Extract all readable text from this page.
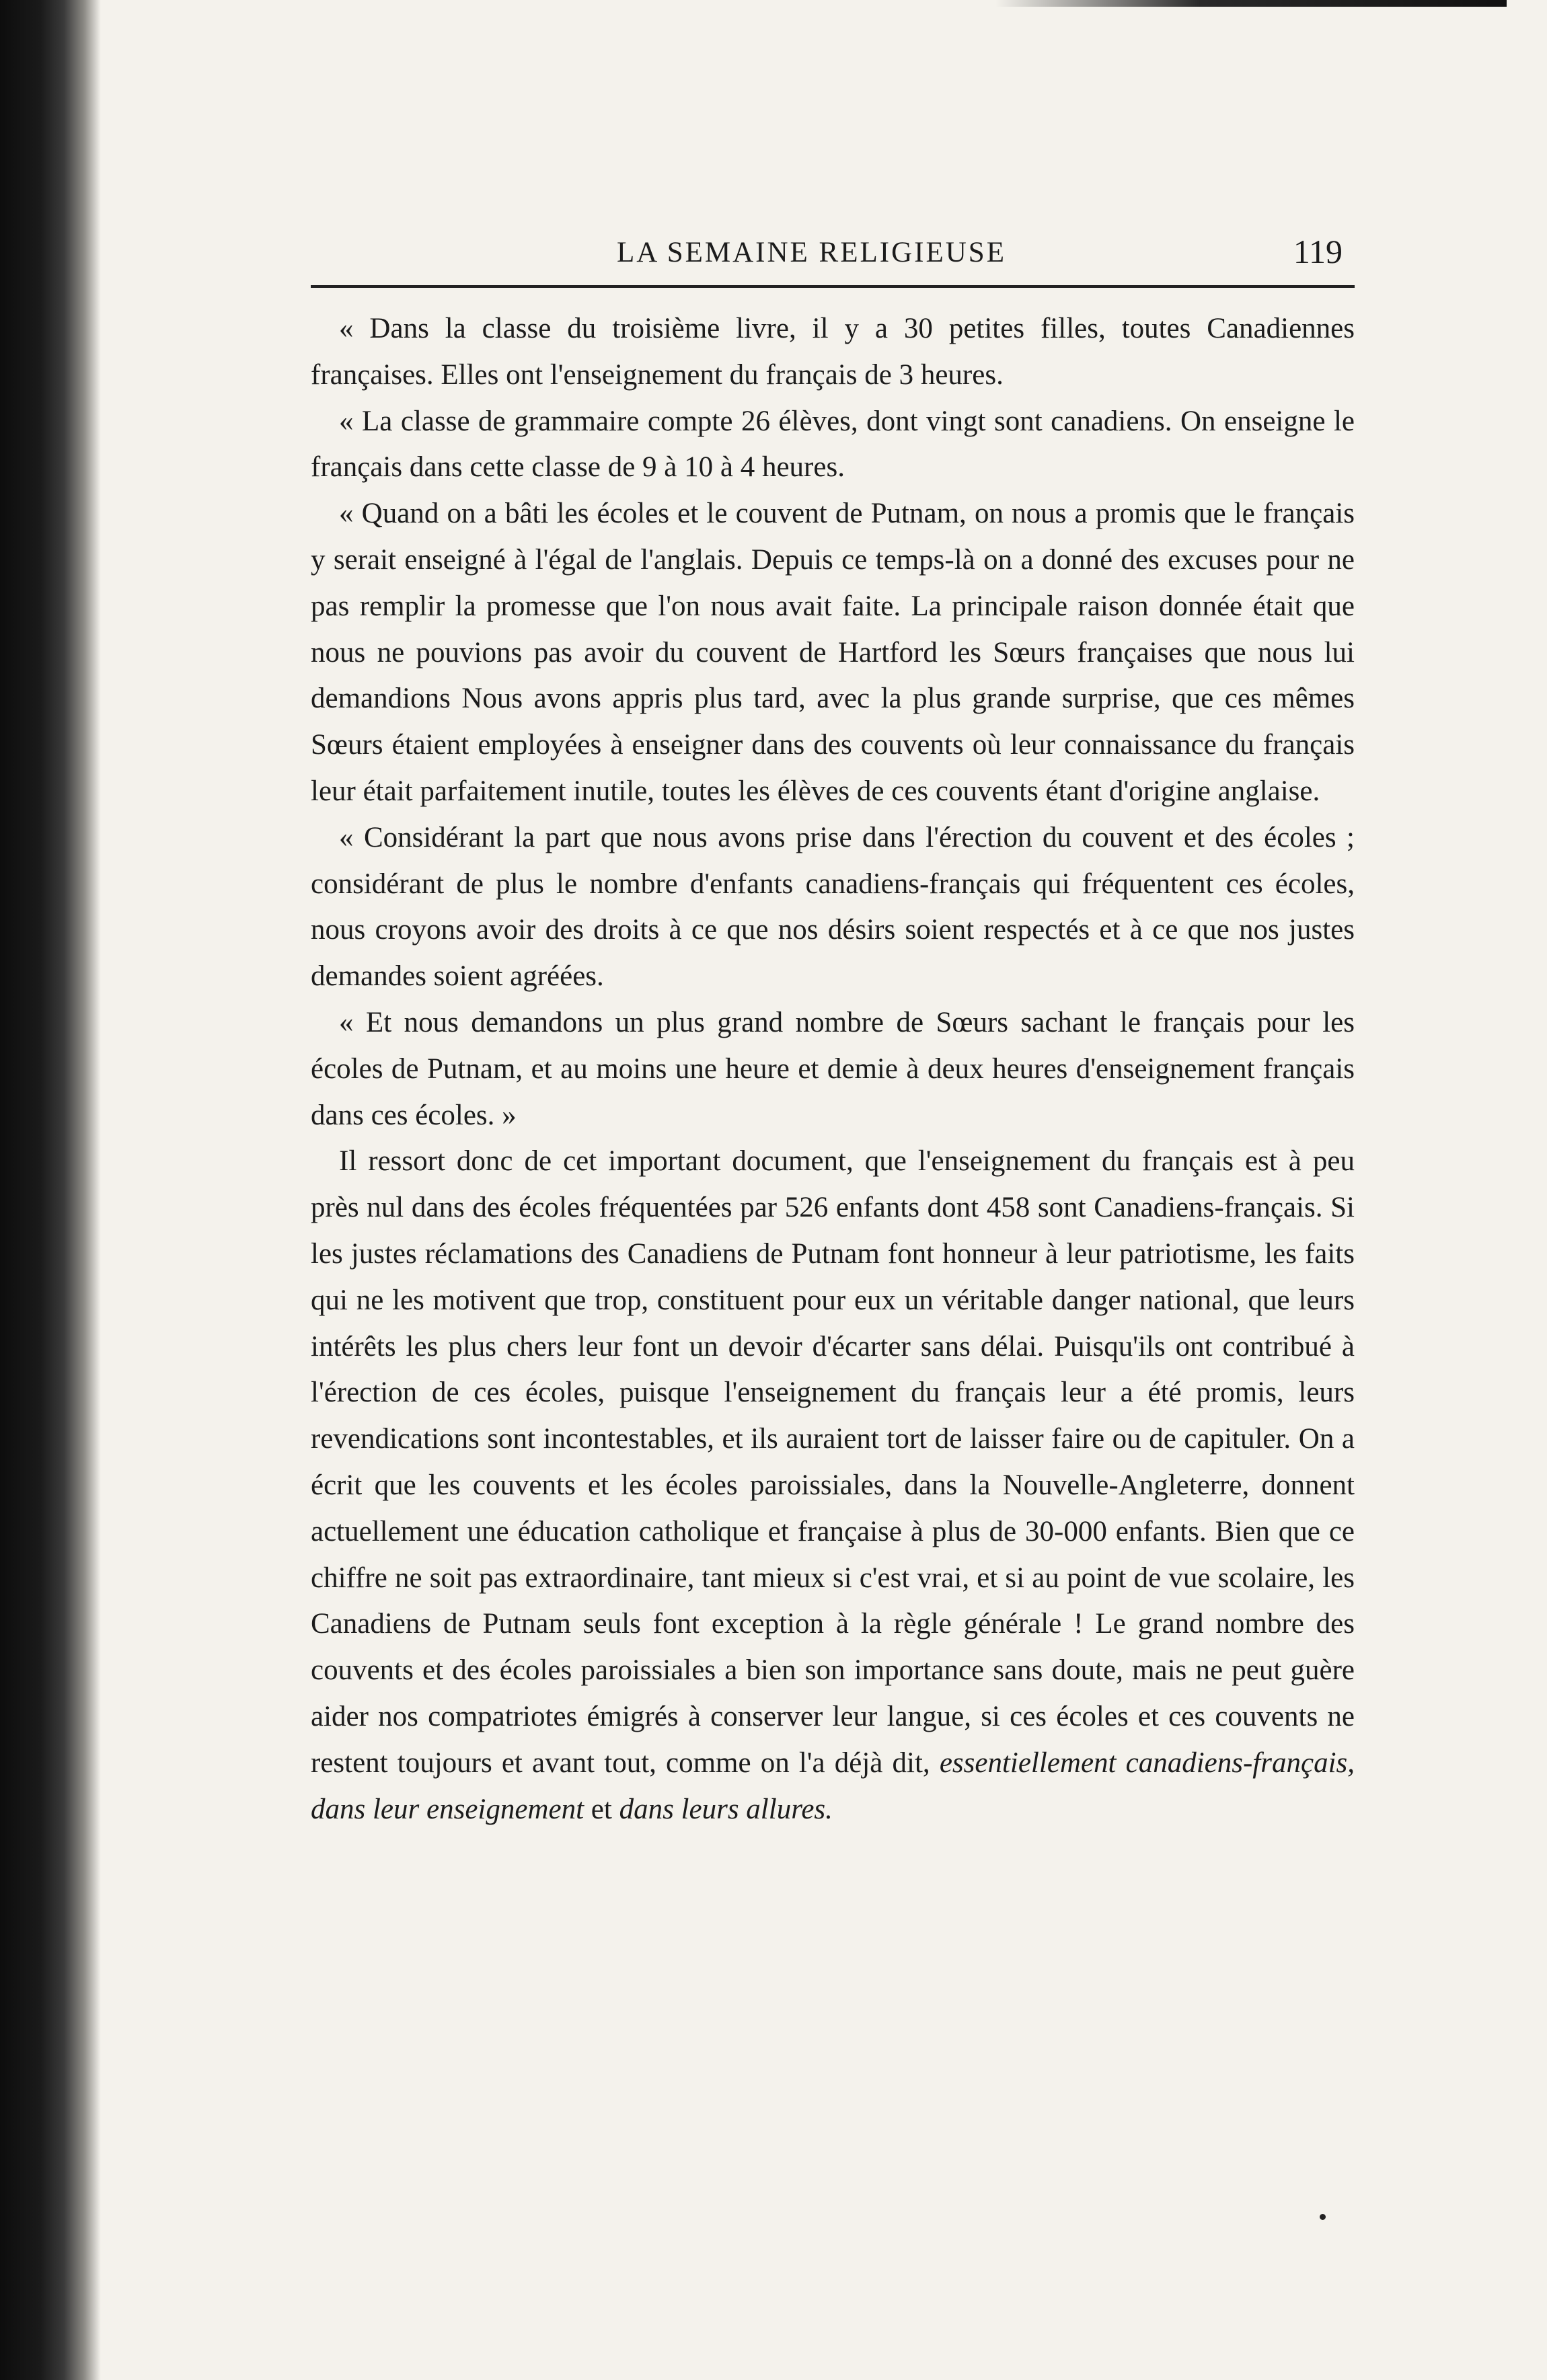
LA SEMAINE RELIGIEUSE	119

« Dans la classe du troisième livre, il y a 30 petites filles, toutes Canadiennes françaises. Elles ont l'enseignement du français de 3 heures.

« La classe de grammaire compte 26 élèves, dont vingt sont canadiens. On enseigne le français dans cette classe de 9 à 10 à 4 heures.

« Quand on a bâti les écoles et le couvent de Putnam, on nous a promis que le français y serait enseigné à l'égal de l'anglais. Depuis ce temps-là on a donné des excuses pour ne pas remplir la promesse que l'on nous avait faite. La principale raison donnée était que nous ne pouvions pas avoir du couvent de Hartford les Sœurs françaises que nous lui demandions Nous avons appris plus tard, avec la plus grande surprise, que ces mêmes Sœurs étaient employées à enseigner dans des couvents où leur connaissance du français leur était parfaitement inutile, toutes les élèves de ces couvents étant d'origine anglaise.

« Considérant la part que nous avons prise dans l'érection du couvent et des écoles ; considérant de plus le nombre d'enfants canadiens-français qui fréquentent ces écoles, nous croyons avoir des droits à ce que nos désirs soient respectés et à ce que nos justes demandes soient agréées.

« Et nous demandons un plus grand nombre de Sœurs sachant le français pour les écoles de Putnam, et au moins une heure et demie à deux heures d'enseignement français dans ces écoles. »

Il ressort donc de cet important document, que l'enseignement du français est à peu près nul dans des écoles fréquentées par 526 enfants dont 458 sont Canadiens-français. Si les justes réclamations des Canadiens de Putnam font honneur à leur patriotisme, les faits qui ne les motivent que trop, constituent pour eux un véritable danger national, que leurs intérêts les plus chers leur font un devoir d'écarter sans délai. Puisqu'ils ont contribué à l'érection de ces écoles, puisque l'enseignement du français leur a été promis, leurs revendications sont incontestables, et ils auraient tort de laisser faire ou de capituler. On a écrit que les couvents et les écoles paroissiales, dans la Nouvelle-Angleterre, donnent actuellement une éducation catholique et française à plus de 30-000 enfants. Bien que ce chiffre ne soit pas extraordinaire, tant mieux si c'est vrai, et si au point de vue scolaire, les Canadiens de Putnam seuls font exception à la règle générale ! Le grand nombre des couvents et des écoles paroissiales a bien son importance sans doute, mais ne peut guère aider nos compatriotes émigrés à conserver leur langue, si ces écoles et ces couvents ne restent toujours et avant tout, comme on l'a déjà dit, essentiellement canadiens-français, dans leur enseignement et dans leurs allures.
